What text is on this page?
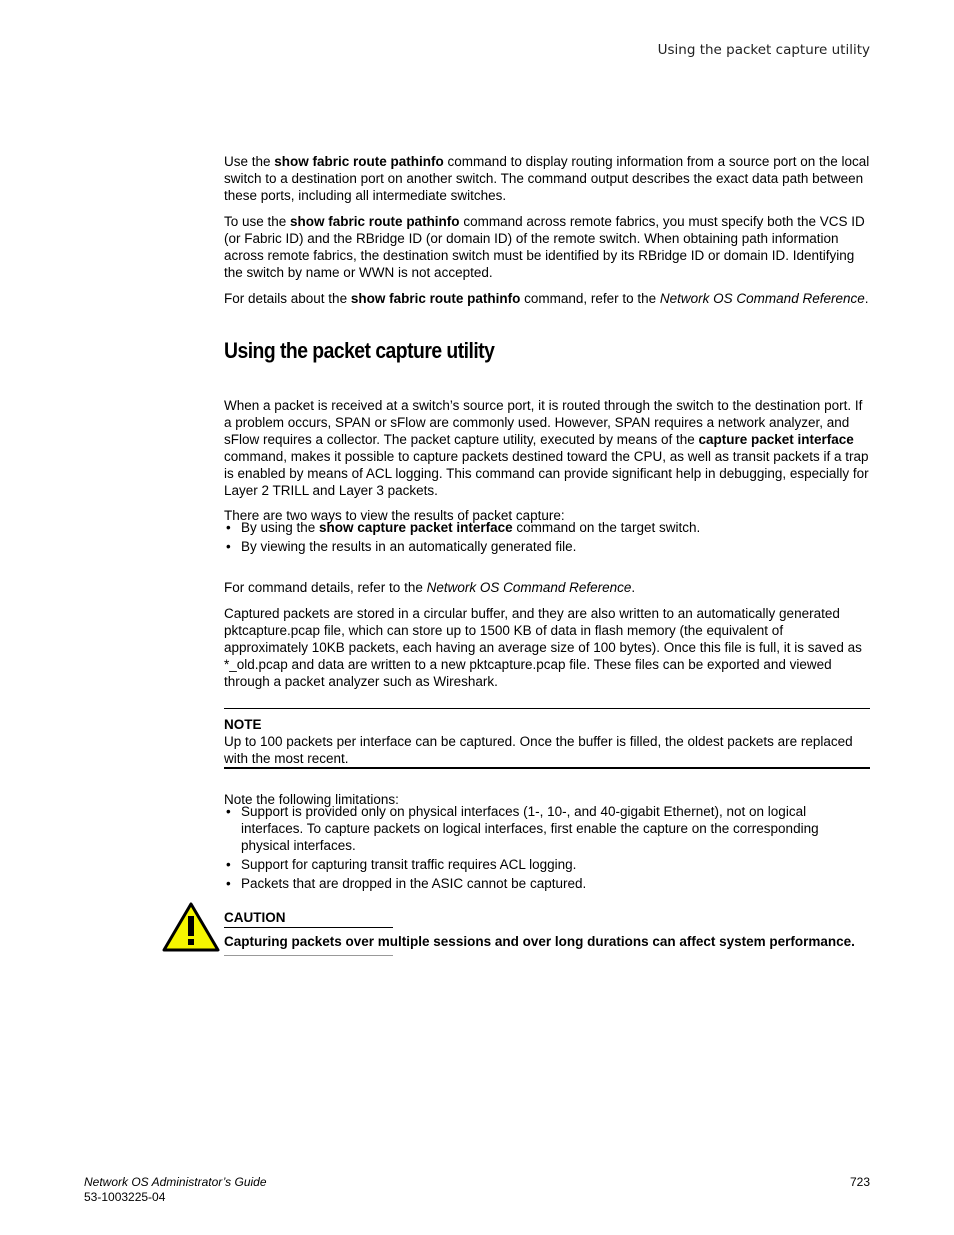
Using the packet capture utility

Use the show fabric route pathinfo command to display routing information from a source port on the local switch to a destination port on another switch. The command output describes the exact data path between these ports, including all intermediate switches.

To use the show fabric route pathinfo command across remote fabrics, you must specify both the VCS ID (or Fabric ID) and the RBridge ID (or domain ID) of the remote switch. When obtaining path information across remote fabrics, the destination switch must be identified by its RBridge ID or domain ID. Identifying the switch by name or WWN is not accepted.

For details about the show fabric route pathinfo command, refer to the Network OS Command Reference.

Using the packet capture utility

When a packet is received at a switch’s source port, it is routed through the switch to the destination port. If a problem occurs, SPAN or sFlow are commonly used. However, SPAN requires a network analyzer, and sFlow requires a collector. The packet capture utility, executed by means of the capture packet interface command, makes it possible to capture packets destined toward the CPU, as well as transit packets if a trap is enabled by means of ACL logging. This command can provide significant help in debugging, especially for Layer 2 TRILL and Layer 3 packets.

There are two ways to view the results of packet capture:

• By using the show capture packet interface command on the target switch.
• By viewing the results in an automatically generated file.

For command details, refer to the Network OS Command Reference.

Captured packets are stored in a circular buffer, and they are also written to an automatically generated pktcapture.pcap file, which can store up to 1500 KB of data in flash memory (the equivalent of approximately 10KB packets, each having an average size of 100 bytes). Once this file is full, it is saved as *_old.pcap and data are written to a new pktcapture.pcap file. These files can be exported and viewed through a packet analyzer such as Wireshark.

NOTE
Up to 100 packets per interface can be captured. Once the buffer is filled, the oldest packets are replaced with the most recent.

Note the following limitations:

• Support is provided only on physical interfaces (1-, 10-, and 40-gigabit Ethernet), not on logical interfaces. To capture packets on logical interfaces, first enable the capture on the corresponding physical interfaces.
• Support for capturing transit traffic requires ACL logging.
• Packets that are dropped in the ASIC cannot be captured.
CAUTION
Capturing packets over multiple sessions and over long durations can affect system performance.
Network OS Administrator’s Guide
53-1003225-04
723
